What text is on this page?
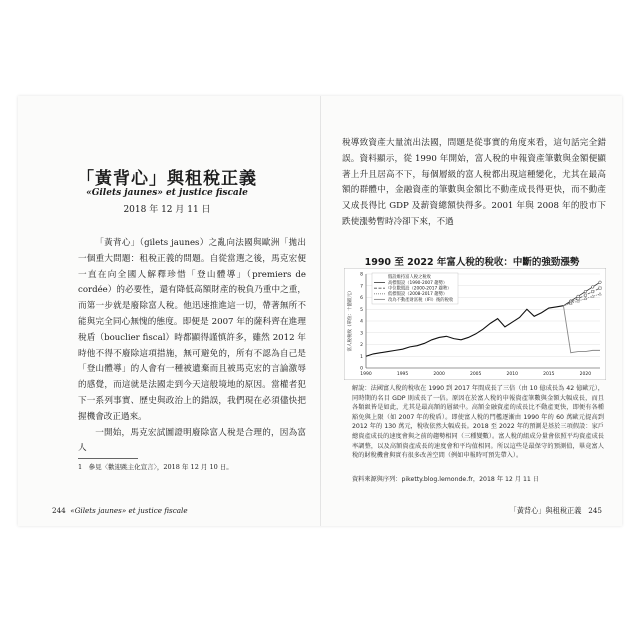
「黃背心」與租稅正義
«Gilets jaunes» et justice fiscale
2018 年 12 月 11 日

「黃背心」（gilets jaunes）之亂向法國與歐洲「拋出一個重大問題：租稅正義的問題。自從當選之後，馬克宏便一直在向全國人解釋珍惜「登山體導」（premiers de cordée）的必要性，還有降低高額財產的稅負乃重中之重，而第一步就是廢除富人稅。他迅速推進這一切，帶著無所不能與完全同心無愧的態度。即便是 2007 年的薩科齊在進理稅盾（bouclier fiscal）時都顯得謹慎許多，雖然 2012 年時他不得不廢除這項措施，無可避免的，所有不認為自己是「登山體導」的人會有一種被遺棄而且被馬克宏的言論激辱的感覺，而這就是法國走到今天這般境地的原因。當權者犯下一系列事實、歷史與政治上的錯誤，我們現在必須儘快把握機會改正過來。

一開始，馬克宏試圖證明廢除富人稅是合理的，因為富人

1　參見〈歡迎跳主化宣言〉，2018 年 12 月 10 日。
244 «Gilets jaunes» et justice fiscale

稅導致資產大量流出法國，問題是從事實的角度來看，這句話完全錯誤。資料顯示，從 1990 年開始，富人稅的申報資產筆數與金額便顯著上升且居高不下，每個層級的富人稅都出現這種變化，尤其在最高額的群體中，金融資產的筆數與金額比不動產成長得更快，而不動產又成長得比 GDP 及薪資總額快得多。2001 年與 2008 年的股市下跌使漲勢暫時冷卻下來，不過

1990 至 2022 年富人稅的稅收：中斷的強勁漲勢
富人稅稅收（單位：十億歐元）
0
1
2
3
4
5
6
7
8
1990	1995	2000	2005	2010	2015	2020
假設維持富人稅之稅收
高標假設（1990-2007 趨勢）
中位數假設（2000-2017 趨勢）
低標假設（2008-2017 趨勢）
改為不動產財富稅（IFI）後的稅收
解說：法國富人稅的稅收在 1990 到 2017 年間成長了三倍（由 10 億成長為 42 億歐元），同時期的名目 GDP 則成長了一倍。原因在於富人稅的申報資產筆數與金額大幅成長，而且各類級皆是如此，尤其是最高額的層級中。高額金融資產的成長比不動產更快，即便有各種豁免與上限（如 2007 年的稅盾）。即使富人稅的門檻逐漸由 1990 年的 60 萬歐元提高到 2012 年的 130 萬元，稅收依然大幅成長。2018 至 2022 年的預測是基於三項假設：家戶總資產成長的速度會與之前的趨勢相同（三種變數）。富人稅的組成分量會依照平均資產成長率調整，以及高額資產成長的速度會和平均值相同。所以這些是最保守的預測值，畢竟富人稅的財稅機會與實有很多改善空間（例如申報時可預先帶入）。
資料來源與序列：piketty.blog.lemonde.fr，2018 年 12 月 11 日
「黃背心」與租稅正義 245
